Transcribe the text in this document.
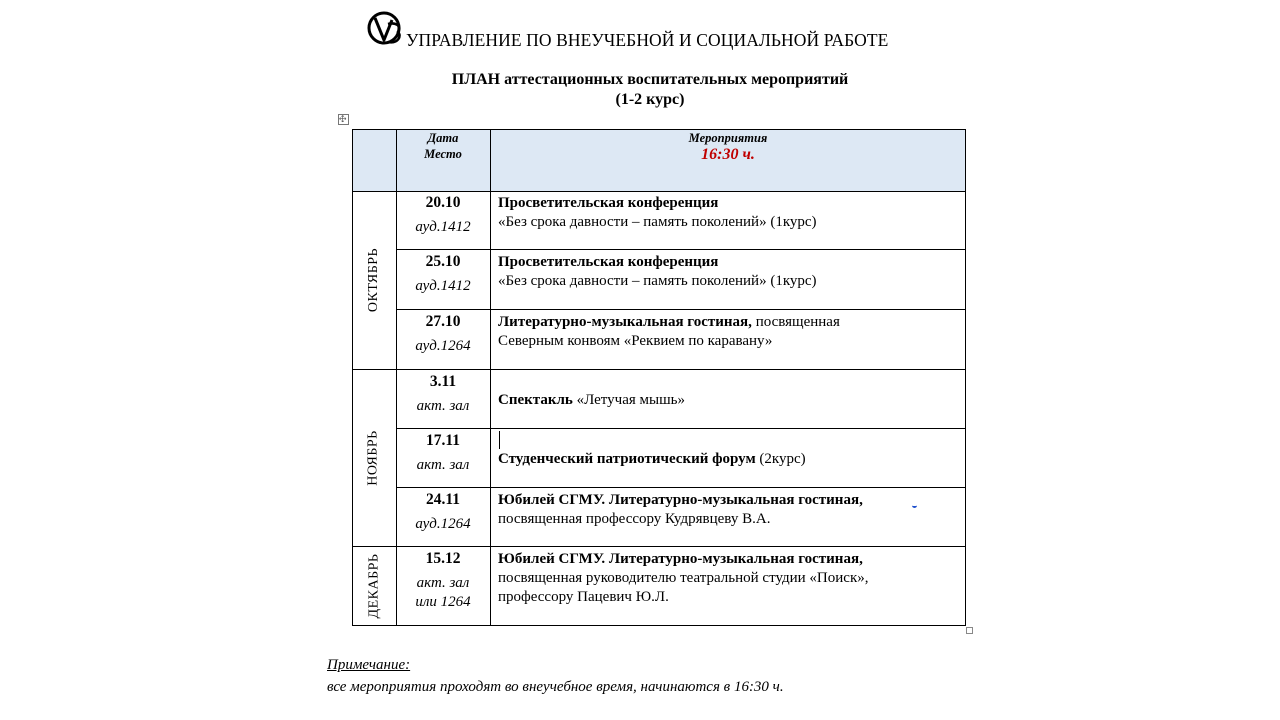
УПРАВЛЕНИЕ ПО ВНЕУЧЕБНОЙ И СОЦИАЛЬНОЙ РАБОТЕ
ПЛАН аттестационных воспитательных мероприятий
(1-2 курс)
Дата
Место
Мероприятия
16:30 ч.
ОКТЯБРЬ
НОЯБРЬ
ДЕКАБРЬ
20.10
ауд.1412
Просветительская конференция
«Без срока давности – память поколений» (1курс)
25.10
ауд.1412
Просветительская конференция
«Без срока давности – память поколений» (1курс)
27.10
ауд.1264
Литературно-музыкальная гостиная, посвященная
Северным конвоям «Реквием по каравану»
3.11
акт. зал	Спектакль «Летучая мышь»
17.11
акт. зал	Студенческий патриотический форум (2курс)
24.11
ауд.1264
Юбилей СГМУ. Литературно-музыкальная гостиная,
посвященная профессору Кудрявцеву В.А.
15.12
акт. зал
или 1264
Юбилей СГМУ. Литературно-музыкальная гостиная,
посвященная руководителю театральной студии «Поиск»,
профессору Пацевич Ю.Л.
Примечание:
все мероприятия проходят во внеучебное время, начинаются в 16:30 ч.
